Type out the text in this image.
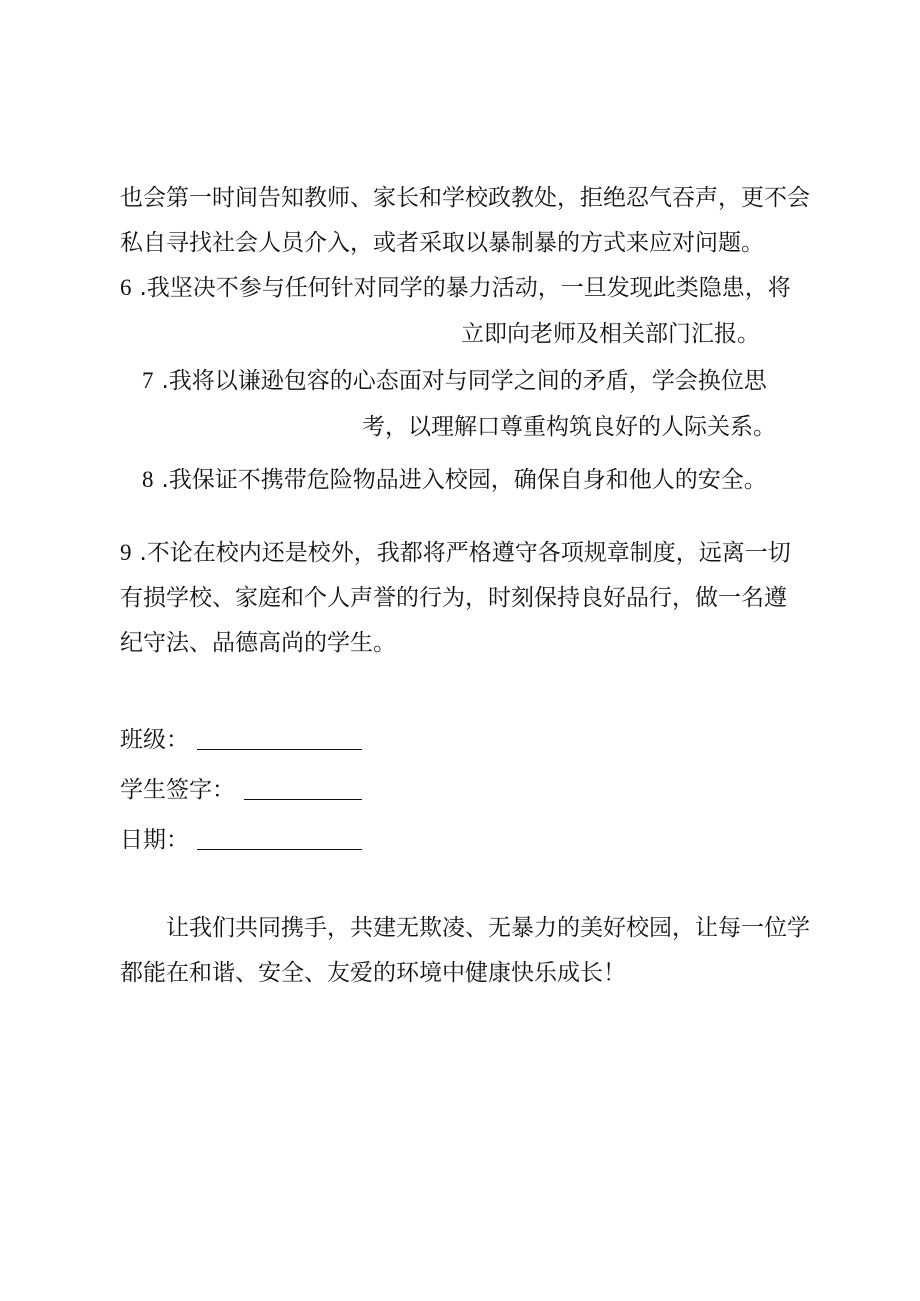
也会第一时间告知教师、家长和学校政教处，拒绝忍气吞声，更不会
私自寻找社会人员介入，或者采取以暴制暴的方式来应对问题。
6 .我坚决不参与任何针对同学的暴力活动，一旦发现此类隐患，将
立即向老师及相关部门汇报。
7 .我将以谦逊包容的心态面对与同学之间的矛盾，学会换位思
考，以理解口尊重构筑良好的人际关系。
8 .我保证不携带危险物品进入校园，确保自身和他人的安全。
9 .不论在校内还是校外，我都将严格遵守各项规章制度，远离一切
有损学校、家庭和个人声誉的行为，时刻保持良好品行，做一名遵
纪守法、品德高尚的学生。
班级：
学生签字：
日期：
让我们共同携手，共建无欺凌、无暴力的美好校园，让每一位学
都能在和谐、安全、友爱的环境中健康快乐成长！
